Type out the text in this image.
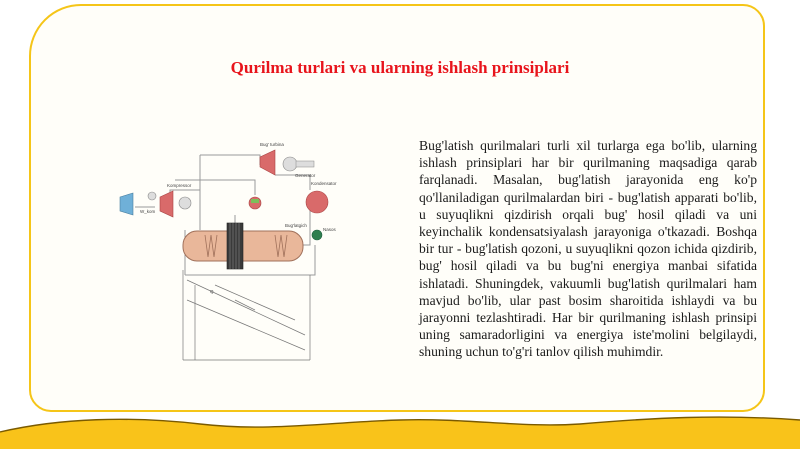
Qurilma turlari va ularning ishlash prinsiplari
Bug' turbina
Generator
W_kom
Kompressor	Kondensator
Nasos
Bug'latgich
Q
Bug'latish qurilmalari turli xil turlarga ega bo'lib, ularning ishlash prinsiplari har bir qurilmaning maqsadiga qarab farqlanadi. Masalan, bug'latish jarayonida eng ko'p qo'llaniladigan qurilmalardan biri - bug'latish apparati bo'lib, u suyuqlikni qizdirish orqali bug' hosil qiladi va uni keyinchalik kondensatsiyalash jarayoniga o'tkazadi. Boshqa bir tur - bug'latish qozoni, u suyuqlikni qozon ichida qizdirib, bug' hosil qiladi va bu bug'ni energiya manbai sifatida ishlatadi. Shuningdek, vakuumli bug'latish qurilmalari ham mavjud bo'lib, ular past bosim sharoitida ishlaydi va bu jarayonni tezlashtiradi. Har bir qurilmaning ishlash prinsipi uning samaradorligini va energiya iste'molini belgilaydi, shuning uchun to'g'ri tanlov qilish muhimdir.
